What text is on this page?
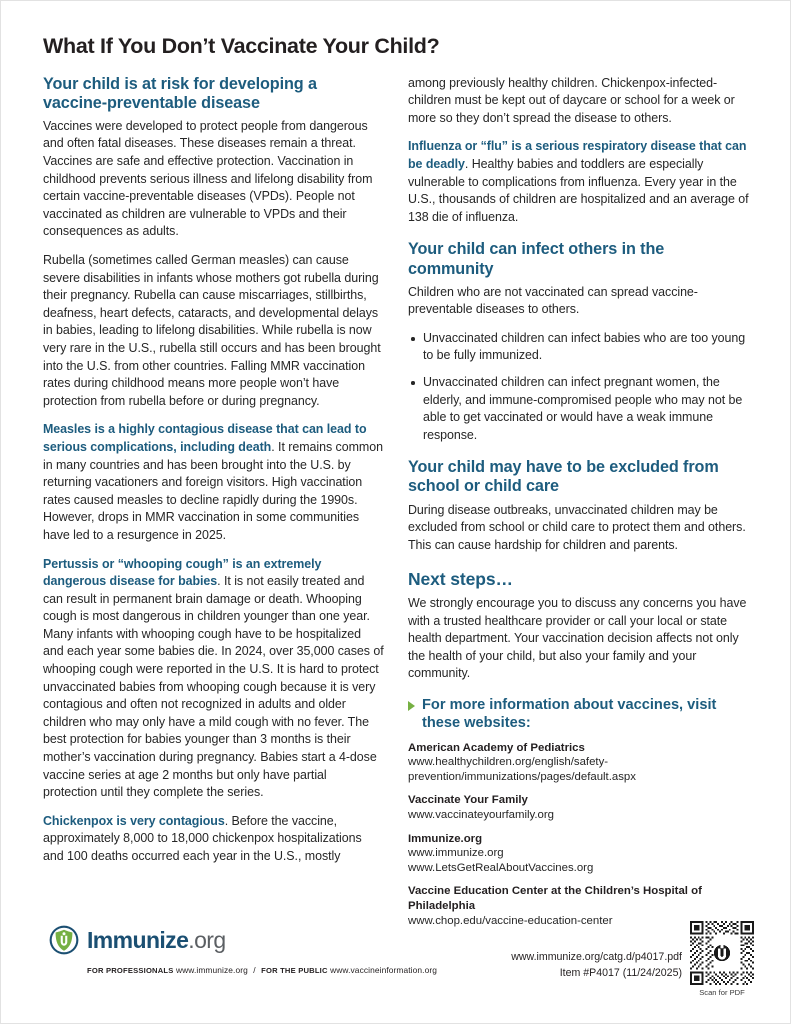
What If You Don’t Vaccinate Your Child?
Your child is at risk for developing a vaccine-preventable disease

Vaccines were developed to protect people from dangerous and often fatal diseases. These diseases remain a threat. Vaccines are safe and effective protection. Vaccination in childhood prevents serious illness and lifelong disability from certain vaccine-preventable diseases (VPDs). People not vaccinated as children are vulnerable to VPDs and their consequences as adults.

Rubella (sometimes called German measles) can cause severe disabilities in infants whose mothers got rubella during their pregnancy. Rubella can cause miscarriages, stillbirths, deafness, heart defects, cataracts, and developmental delays in babies, leading to lifelong disabilities. While rubella is now very rare in the U.S., rubella still occurs and has been brought into the U.S. from other countries. Falling MMR vaccination rates during childhood means more people won’t have protection from rubella before or during pregnancy.

Measles is a highly contagious disease that can lead to serious complications, including death. It remains common in many countries and has been brought into the U.S. by returning vacationers and foreign visitors. High vaccination rates caused measles to decline rapidly during the 1990s. However, drops in MMR vaccination in some communities have led to a resurgence in 2025.

Pertussis or “whooping cough” is an extremely dangerous disease for babies. It is not easily treated and can result in permanent brain damage or death. Whooping cough is most dangerous in children younger than one year. Many infants with whooping cough have to be hospitalized and each year some babies die. In 2024, over 35,000 cases of whooping cough were reported in the U.S. It is hard to protect unvaccinated babies from whooping cough because it is very contagious and often not recognized in adults and older children who may only have a mild cough with no fever. The best protection for babies younger than 3 months is their mother’s vaccination during pregnancy. Babies start a 4-dose vaccine series at age 2 months but only have partial protection until they complete the series.

Chickenpox is very contagious. Before the vaccine, approximately 8,000 to 18,000 chickenpox hospitalizations and 100 deaths occurred each year in the U.S., mostly

among previously healthy children. Chickenpox-infected-children must be kept out of daycare or school for a week or more so they don’t spread the disease to others.

Influenza or “flu” is a serious respiratory disease that can be deadly. Healthy babies and toddlers are especially vulnerable to complications from influenza. Every year in the U.S., thousands of children are hospitalized and an average of 138 die of influenza.

Your child can infect others in the community

Children who are not vaccinated can spread vaccine-preventable diseases to others.

Unvaccinated children can infect babies who are too young to be fully immunized.
Unvaccinated children can infect pregnant women, the elderly, and immune-compromised people who may not be able to get vaccinated or would have a weak immune response.
Your child may have to be excluded from school or child care

During disease outbreaks, unvaccinated children may be excluded from school or child care to protect them and others. This can cause hardship for children and parents.

Next steps…

We strongly encourage you to discuss any concerns you have with a trusted healthcare provider or call your local or state health department. Your vaccination decision affects not only the health of your child, but also your family and your community.

For more information about vaccines, visit these websites:
American Academy of Pediatrics
www.healthychildren.org/english/safety-prevention/immunizations/pages/default.aspx
Vaccinate Your Family
www.vaccinateyourfamily.org
Immunize.org
www.immunize.org
www.LetsGetRealAboutVaccines.org
Vaccine Education Center at the Children’s Hospital of Philadelphia
www.chop.edu/vaccine-education-center
Immunize.org
FOR PROFESSIONALS www.immunize.org / FOR THE PUBLIC www.vaccineinformation.org
www.immunize.org/catg.d/p4017.pdf
Item #P4017 (11/24/2025)
Scan for PDF
